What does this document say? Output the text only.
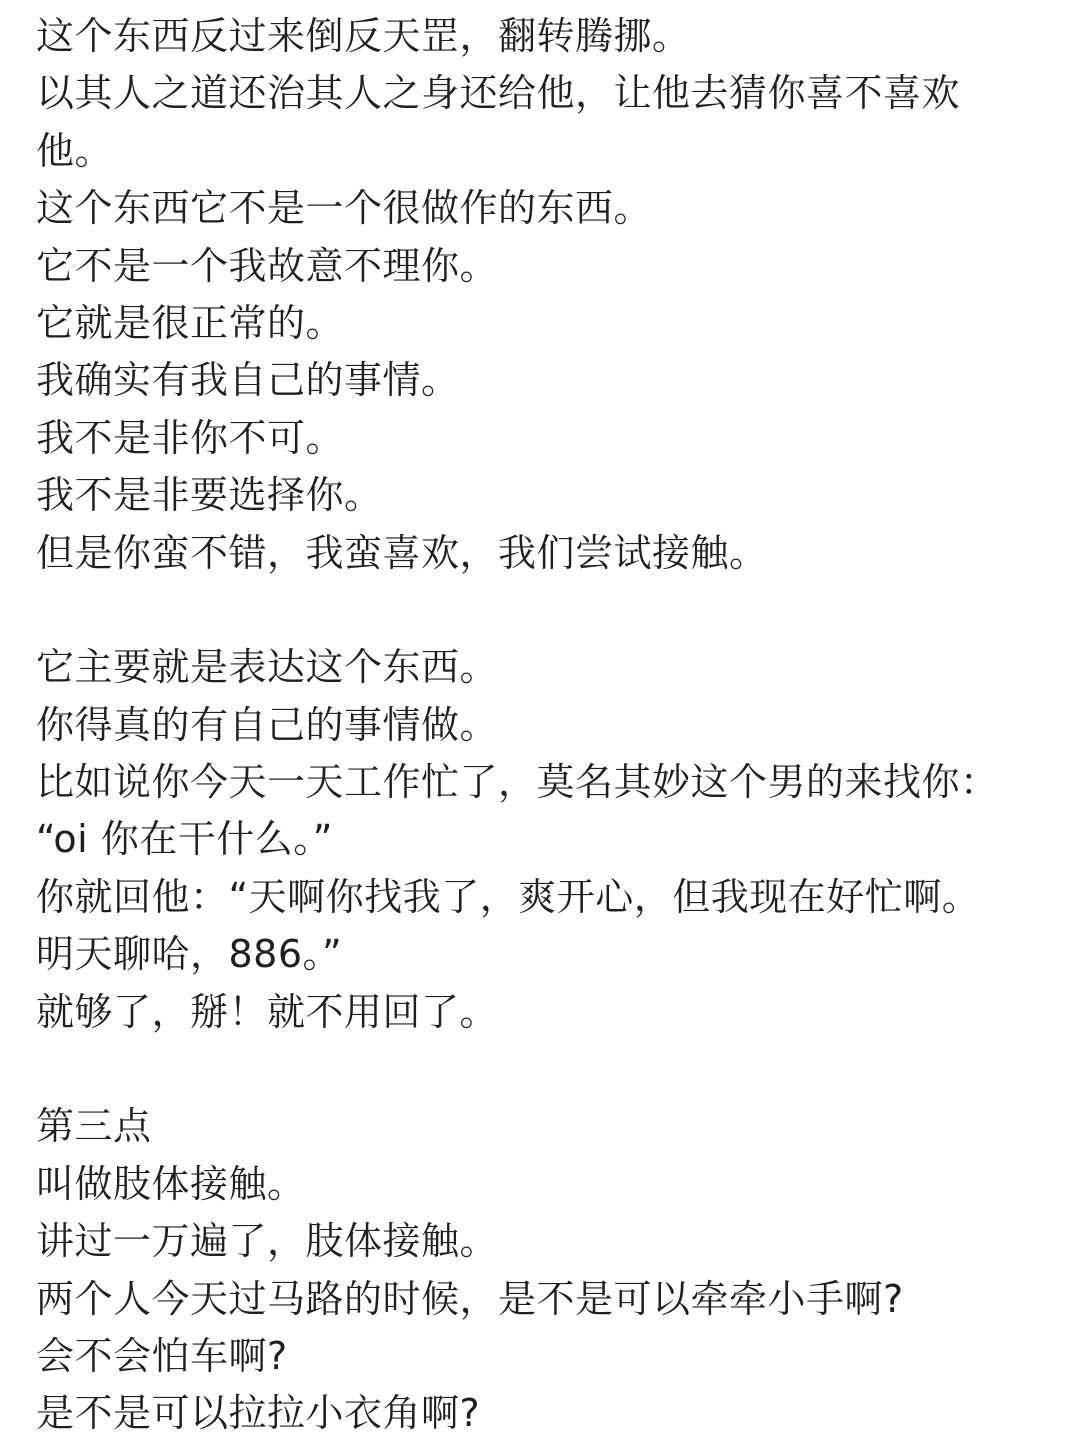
这个东西反过来倒反天罡，翻转腾挪。
以其人之道还治其人之身还给他，让他去猜你喜不喜欢
他。
这个东西它不是一个很做作的东西。
它不是一个我故意不理你。
它就是很正常的。
我确实有我自己的事情。
我不是非你不可。
我不是非要选择你。
但是你蛮不错，我蛮喜欢，我们尝试接触。
它主要就是表达这个东西。
你得真的有自己的事情做。
比如说你今天一天工作忙了，莫名其妙这个男的来找你：
“oi 你在干什么。”
你就回他：“天啊你找我了，爽开心，但我现在好忙啊。
明天聊哈，886。”
就够了，掰！就不用回了。
第三点
叫做肢体接触。
讲过一万遍了，肢体接触。
两个人今天过马路的时候，是不是可以牵牵小手啊?
会不会怕车啊?
是不是可以拉拉小衣角啊?
